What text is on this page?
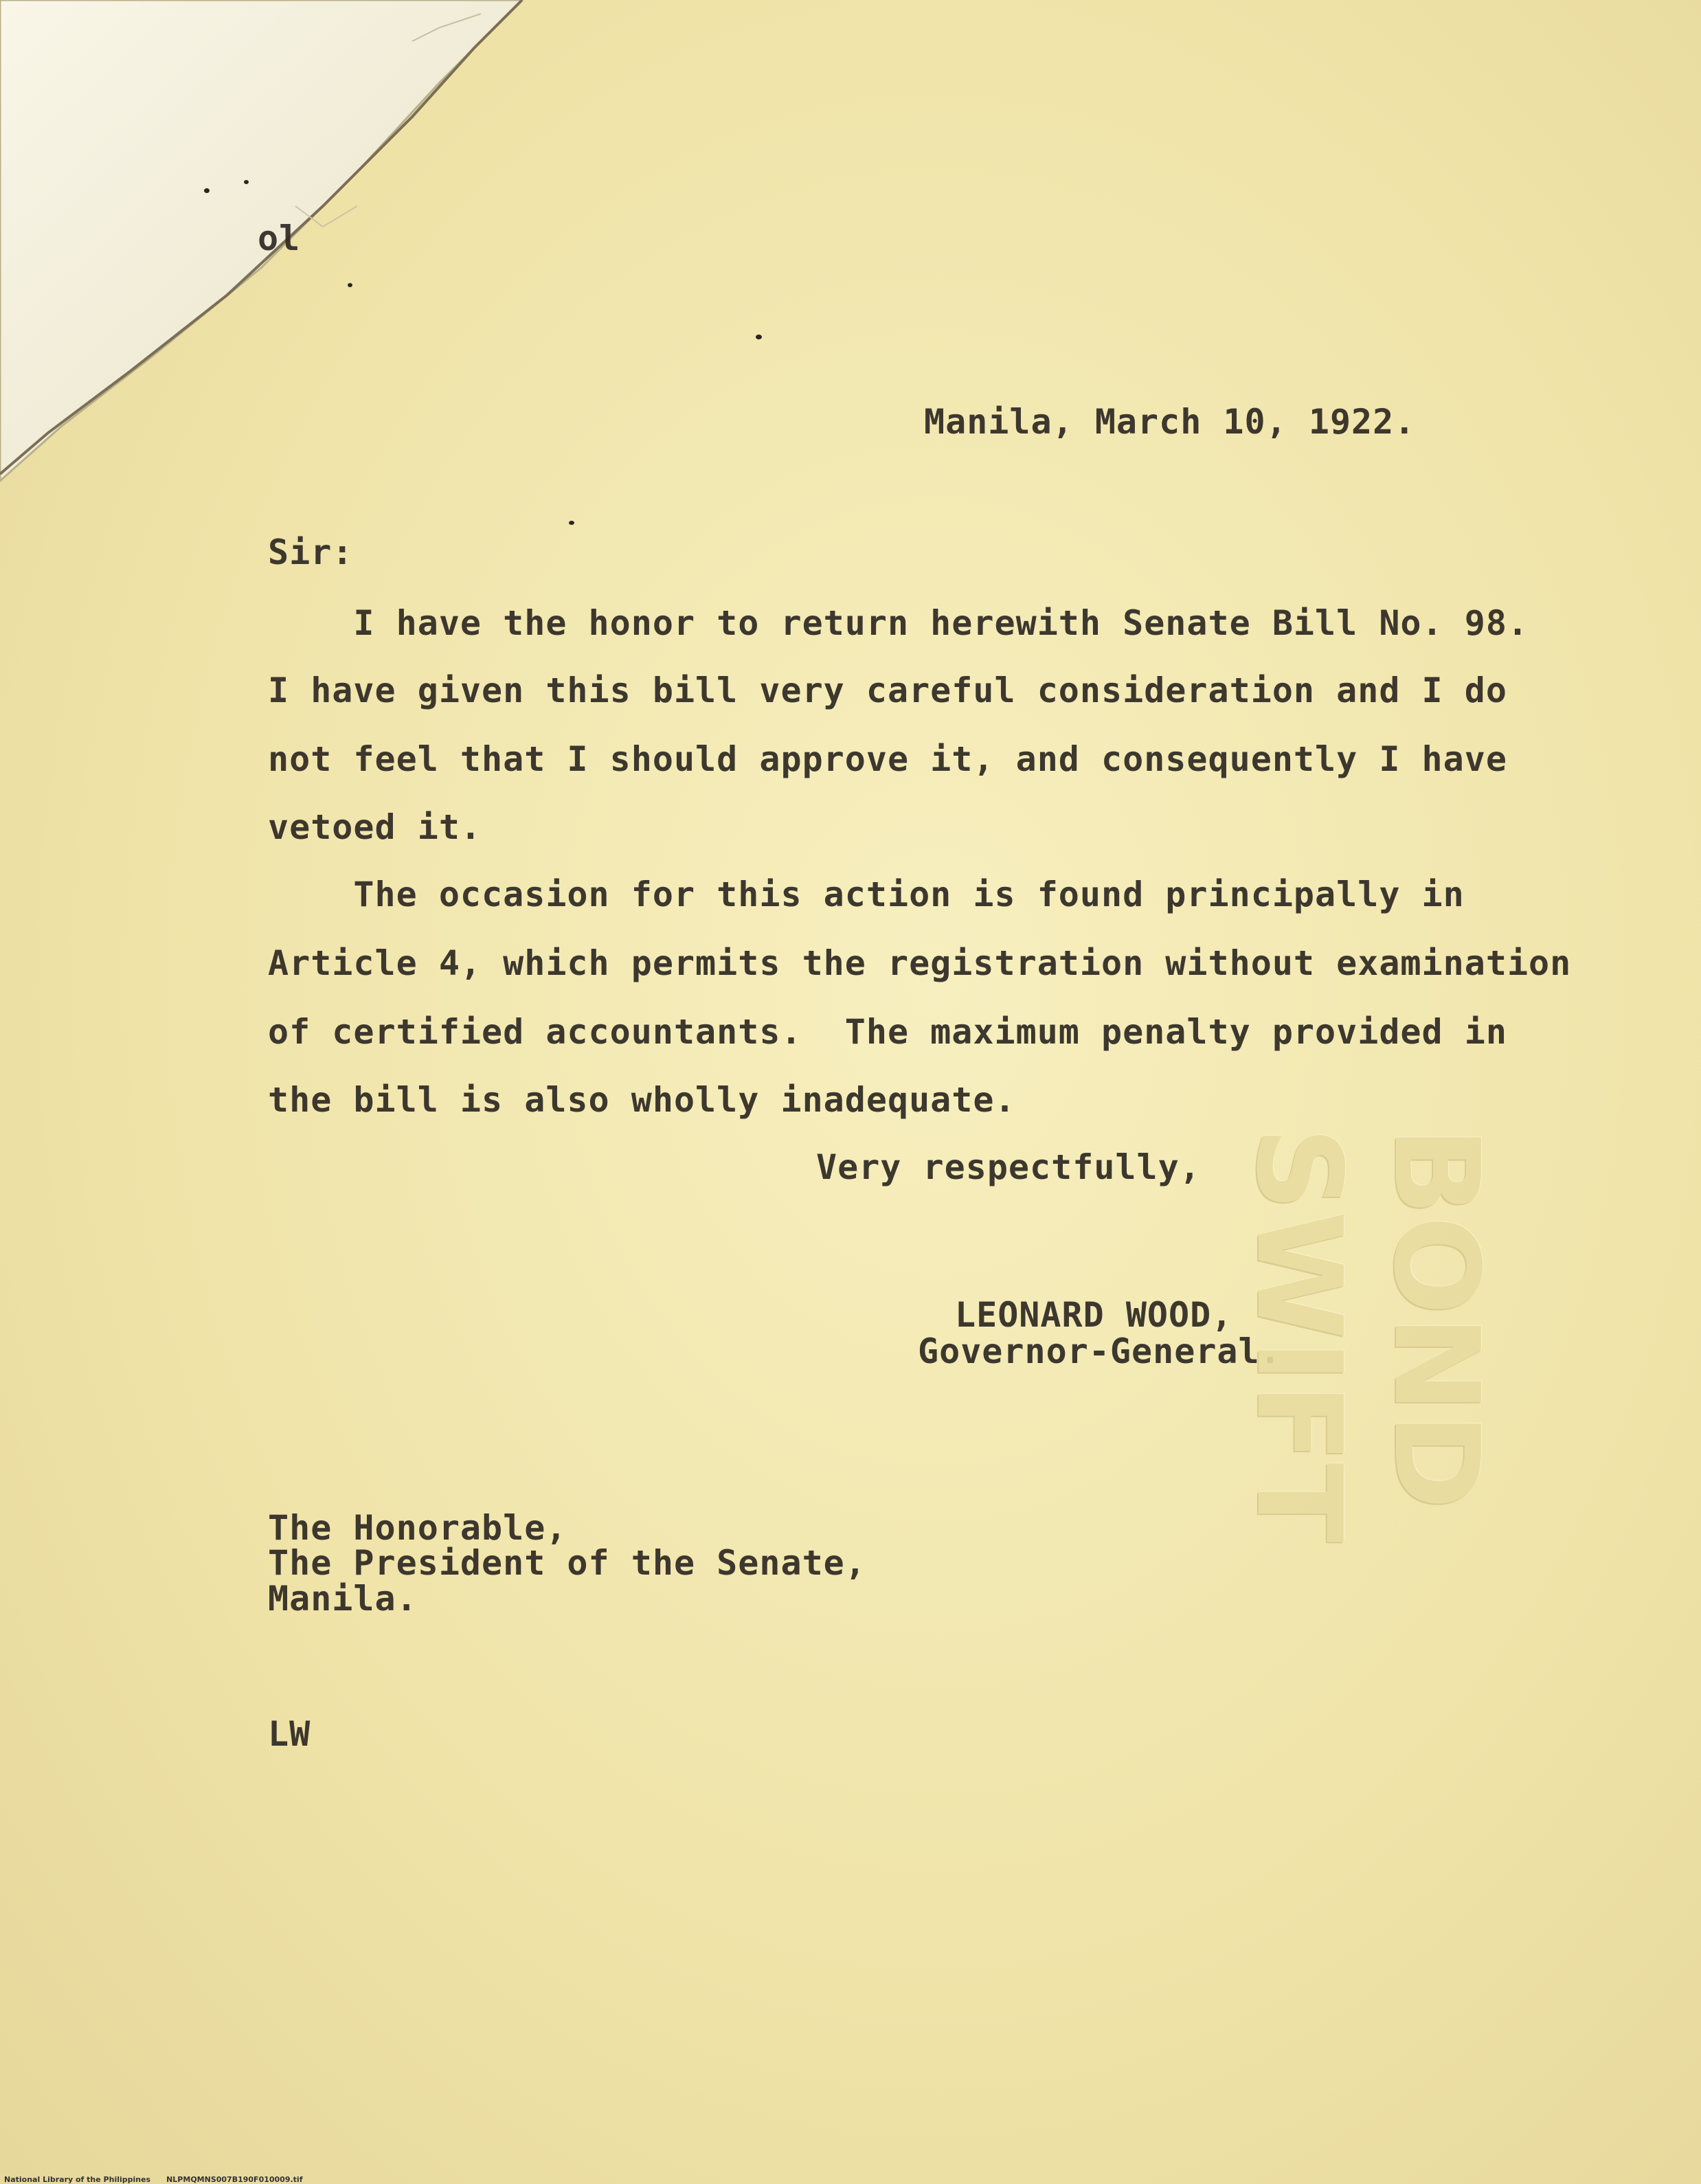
ol
Manila, March 10, 1922.
Sir:
I have the honor to return herewith Senate Bill No. 98.
I have given this bill very careful consideration and I do
not feel that I should approve it, and consequently I have
vetoed it.
The occasion for this action is found principally in
Article 4, which permits the registration without examination
of certified accountants.  The maximum penalty provided in
the bill is also wholly inadequate.
Very respectfully,
LEONARD WOOD,
Governor-General.
The Honorable,
The President of the Senate,
Manila.
LW
BOND SWIFT
National Library of the Philippines NLPMQMNS007B190F010009.tif
